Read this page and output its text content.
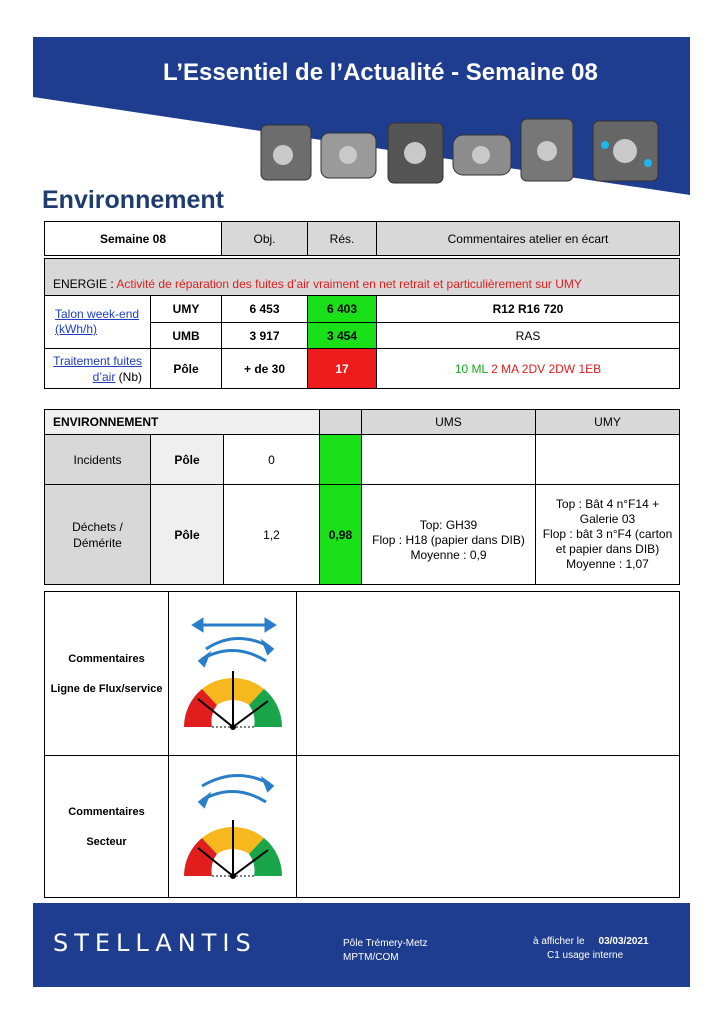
L’Essentiel de l’Actualité - Semaine 08
Environnement
Semaine 08	Obj.	Rés.	Commentaires atelier en écart
ENERGIE : Activité de réparation des fuites d’air vraiment en net retrait et particulièrement sur UMY				
Talon week-end
(kWh/h)	UMY	6 453	6 403	R12 R16 720
	UMB	3 917	3 454	RAS
Traitement fuites
d’air (Nb)	Pôle	+ de 30	17	10 ML 2 MA 2DV 2DW 1EB
ENVIRONNEMENT				UMS	UMY
Incidents	Pôle	0			
Déchets /
Démérite	Pôle	1,2	0,98	Top: GH39
Flop : H18 (papier dans DIB)
Moyenne : 0,9	Top : Bât 4 n°F14 +
Galerie 03
Flop : bât 3 n°F4 (carton
et papier dans DIB)
Moyenne : 1,07
Commentaires
Ligne de Flux/service	

Commentaires
Secteur	

STELLANTIS	Pôle Trémery-Metz
MPTM/COM
à afficher le 03/03/2021
C1 usage interne
